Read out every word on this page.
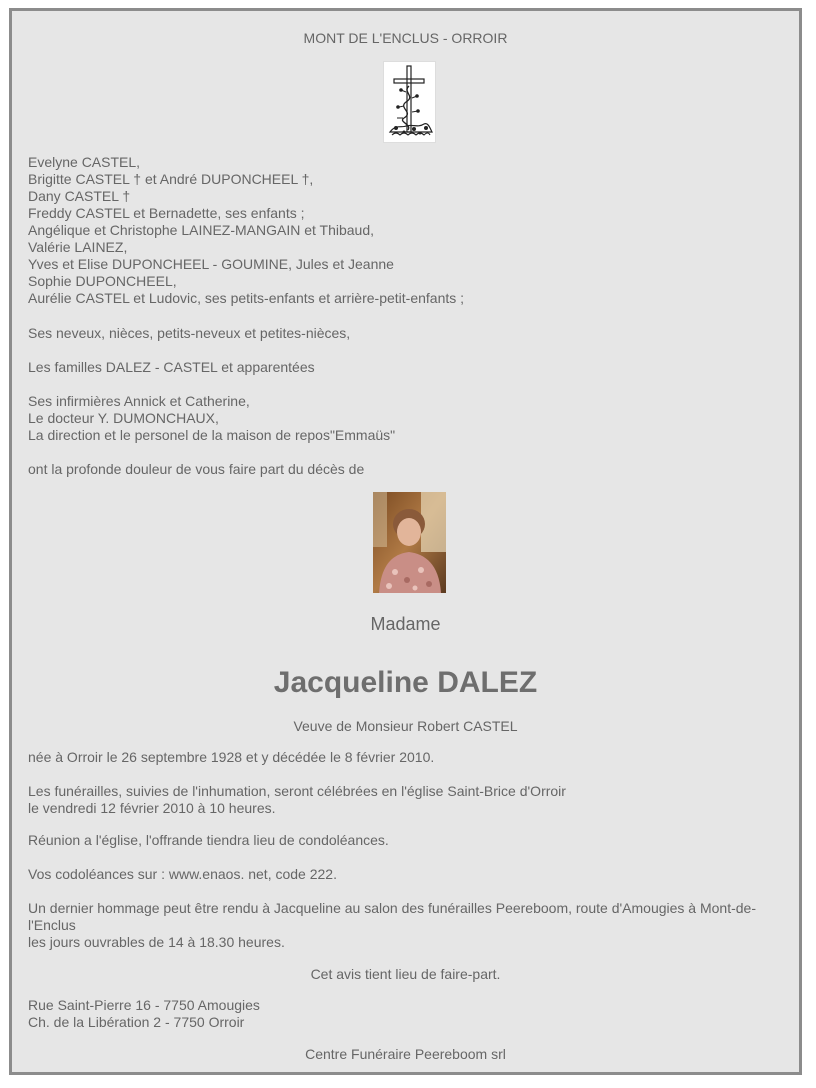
MONT DE L'ENCLUS - ORROIR
Evelyne CASTEL,
Brigitte CASTEL † et André DUPONCHEEL †,
Dany CASTEL †
Freddy CASTEL et Bernadette, ses enfants ;
Angélique et Christophe LAINEZ-MANGAIN et Thibaud,
Valérie LAINEZ,
Yves et Elise DUPONCHEEL - GOUMINE, Jules et Jeanne
Sophie DUPONCHEEL,
Aurélie CASTEL et Ludovic, ses petits-enfants et arrière-petit-enfants ;
Ses neveux, nièces, petits-neveux et petites-nièces,
Les familles DALEZ - CASTEL et apparentées
Ses infirmières Annick et Catherine,
Le docteur Y. DUMONCHAUX,
La direction et le personel de la maison de repos"Emmaüs"
ont la profonde douleur de vous faire part du décès de
Madame
Jacqueline DALEZ
Veuve de Monsieur Robert CASTEL
née à Orroir le 26 septembre 1928 et y décédée le 8 février 2010.
Les funérailles, suivies de l'inhumation, seront célébrées en l'église Saint-Brice d'Orroir
le vendredi 12 février 2010 à 10 heures.
Réunion a l'église, l'offrande tiendra lieu de condoléances.
Vos codoléances sur : www.enaos. net, code 222.
Un dernier hommage peut être rendu à Jacqueline au salon des funérailles Peereboom, route d'Amougies à Mont-de-l'Enclus
les jours ouvrables de 14 à 18.30 heures.
Cet avis tient lieu de faire-part.
Rue Saint-Pierre 16 - 7750 Amougies
Ch. de la Libération 2 - 7750 Orroir
Centre Funéraire Peereboom srl
